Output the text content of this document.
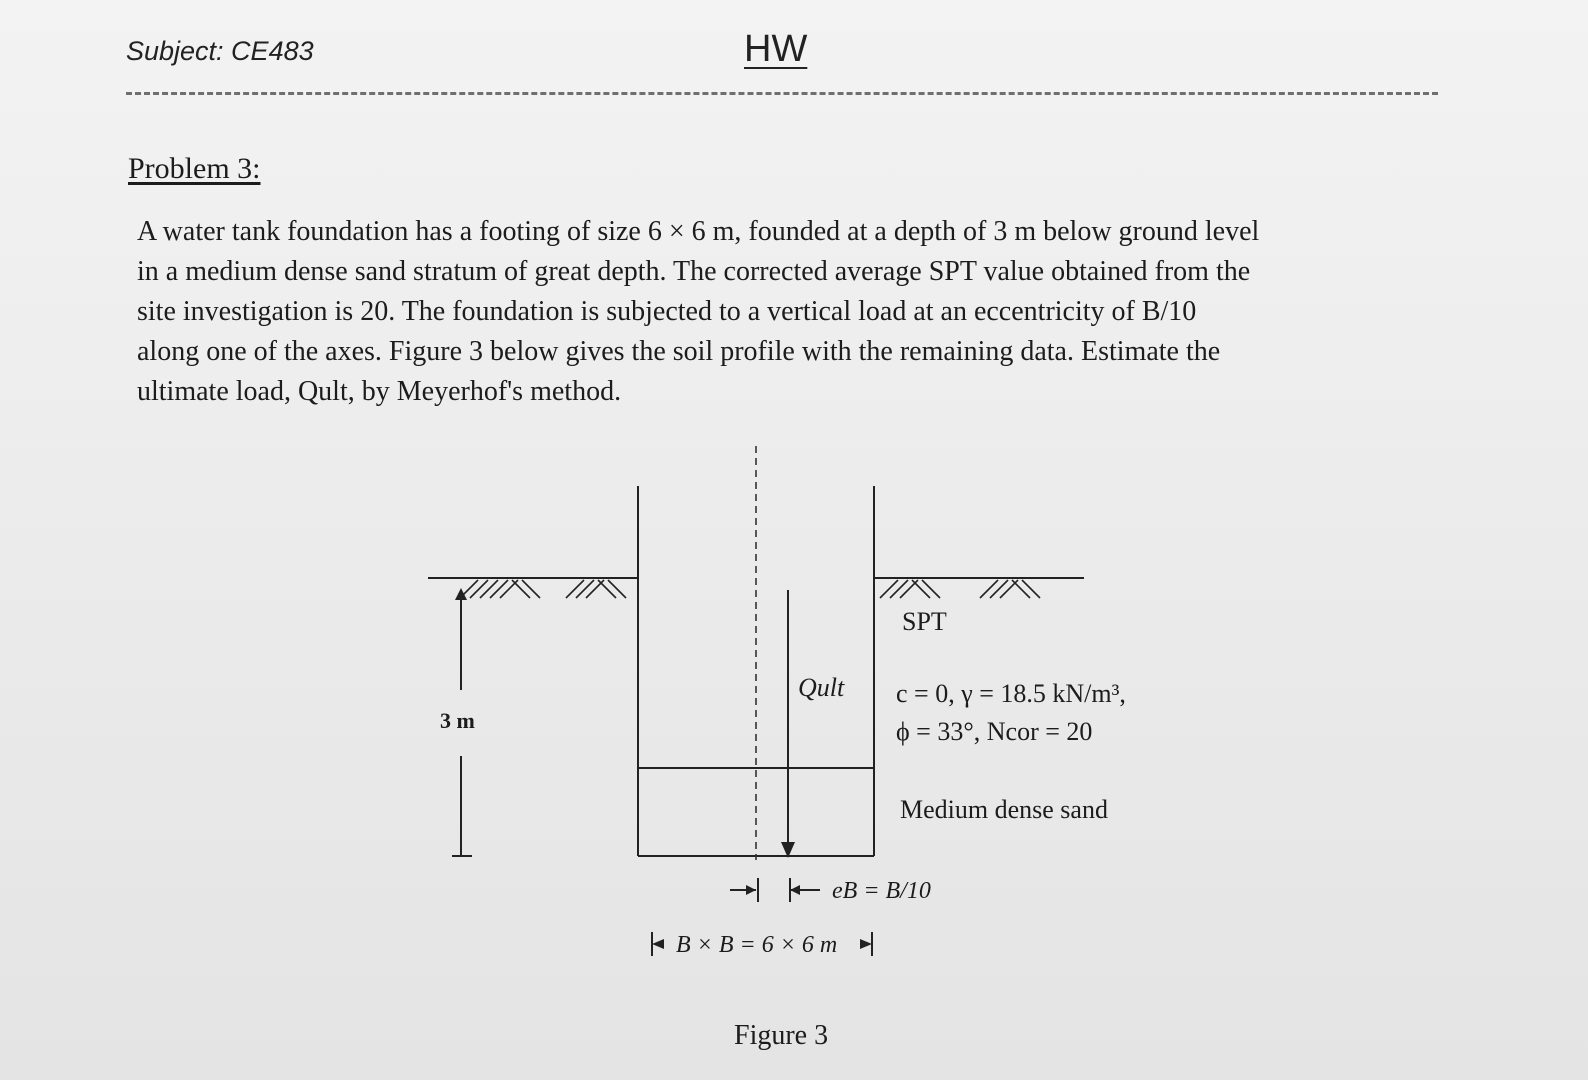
Subject: CE483	HW
Problem 3:
A water tank foundation has a footing of size 6 × 6 m, founded at a depth of 3 m below ground level
in a medium dense sand stratum of great depth. The corrected average SPT value obtained from the
site investigation is 20. The foundation is subjected to a vertical load at an eccentricity of B/10
along one of the axes. Figure 3 below gives the soil profile with the remaining data. Estimate the
ultimate load, Qult, by Meyerhof's method.
3 m
Qult
SPT
c = 0, γ = 18.5 kN/m³,
ϕ = 33°, Ncor = 20
Medium dense sand
eB = B/10
B × B = 6 × 6 m
Figure 3
